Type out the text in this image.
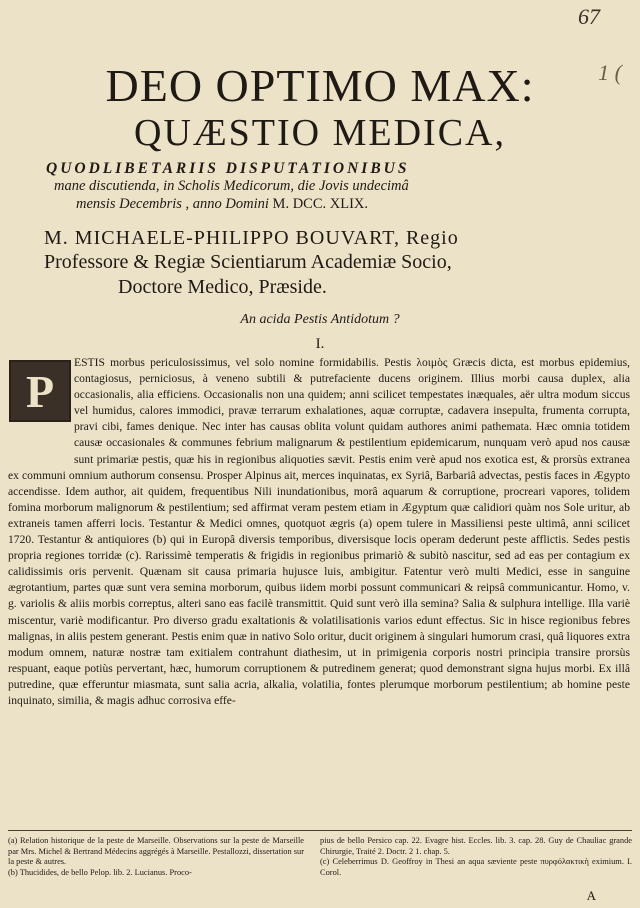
67
1 (
DEO OPTIMO MAX:
QUÆSTIO MEDICA,
QUODLIBETARIIS DISPUTATIONIBUS
mane discutienda, in Scholis Medicorum, die Jovis undecimâ
mensis Decembris , anno Domini M. DCC. XLIX.
M. MICHAELE-PHILIPPO BOUVART, Regio
Professore & Regiæ Scientiarum Academiæ Socio,
Doctore Medico, Præside.
An acida Pestis Antidotum ?
I.

ESTIS morbus periculosissimus, vel solo nomine formidabilis. Pestis λοιμὸς Græcis dicta, est morbus epidemius, contagiosus, perniciosus, à veneno subtili & putrefaciente ducens originem. Illius morbi causa duplex, alia occasionalis, alia efficiens. Occasionalis non una quidem; anni scilicet tempestates inæquales, aër ultra modum siccus vel humidus, calores immodici, pravæ terrarum exhalationes, aquæ corruptæ, cadavera insepulta, frumenta corrupta, pravi cibi, fames denique. Nec inter has causas oblita volunt quidam authores animi pathemata. Hæc omnia totidem causæ occasionales & communes febrium malignarum & pestilentium epidemicarum, nunquam verò apud nos causæ sunt primariæ pestis, quæ his in regionibus aliquoties sævit. Pestis enim verè apud nos exotica est, & prorsùs extranea ex communi omnium authorum consensu. Prosper Alpinus ait, merces inquinatas, ex Syriâ, Barbariâ advectas, pestis faces in Ægypto accendisse. Idem author, ait quidem, frequentibus Nili inundationibus, morâ aquarum & corruptione, procreari vapores, tolidem fomina morborum malignorum & pestilentium; sed affirmat veram pestem etiam in Ægyptum quæ calidiori quàm nos Sole uritur, ab extraneis tamen afferri locis. Testantur & Medici omnes, quotquot ægris (a) opem tulere in Massiliensi peste ultimâ, anni scilicet 1720. Testantur & antiquiores (b) qui in Europâ diversis temporibus, diversisque locis operam dederunt peste afflictis. Sedes pestis propria regiones torridæ (c). Rarissimè temperatis & frigidis in regionibus primariò & subitò nascitur, sed ad eas per contagium ex calidissimis oris pervenit. Quænam sit causa primaria hujusce luis, ambigitur. Fatentur verò multi Medici, esse in sanguine ægrotantium, partes quæ sunt vera semina morborum, quibus iidem morbi possunt communicari & reipsâ communicantur. Homo, v. g. variolis & aliis morbis correptus, alteri sano eas facilè transmittit. Quid sunt verò illa semina? Salia & sulphura intellige. Illa variè miscentur, variè modificantur. Pro diverso gradu exaltationis & volatilisationis varios edunt effectus. Sic in hisce regionibus febres malignas, in aliis pestem generant. Pestis enim quæ in nativo Solo oritur, ducit originem à singulari humorum crasi, quâ liquores extra modum omnem, naturæ nostræ tam exitialem contrahunt diathesim, ut in primigenia corporis nostri principia transire prorsùs respuant, eaque potiùs pervertant, hæc, humorum corruptionem & putredinem generat; quod demonstrant signa hujus morbi. Ex illâ putredine, quæ efferuntur miasmata, sunt salia acria, alkalia, volatilia, fontes plerumque morborum pestilentium; ab homine peste inquinato, similia, & magis adhuc corrosiva effe-

P

(a) Relation historique de la peste de Marseille. Observations sur la peste de Marseille par Mrs. Michel & Bertrand Médecins aggrégés à Marseille. Pestallozzi, dissertation sur la peste & autres.

(b) Thucidides, de bello Pelop. lib. 2. Lucianus. Proco-

pius de bello Persico cap. 22. Evagre hist. Eccles. lib. 3. cap. 28. Guy de Chauliac grande Chirurgie, Traité 2. Doctr. 2 1. chap. 5.

(c) Celeberrimus D. Geoffroy in Thesi an aqua sæviente peste πυρφόλακτικὴ eximium. I. Corol.

A
